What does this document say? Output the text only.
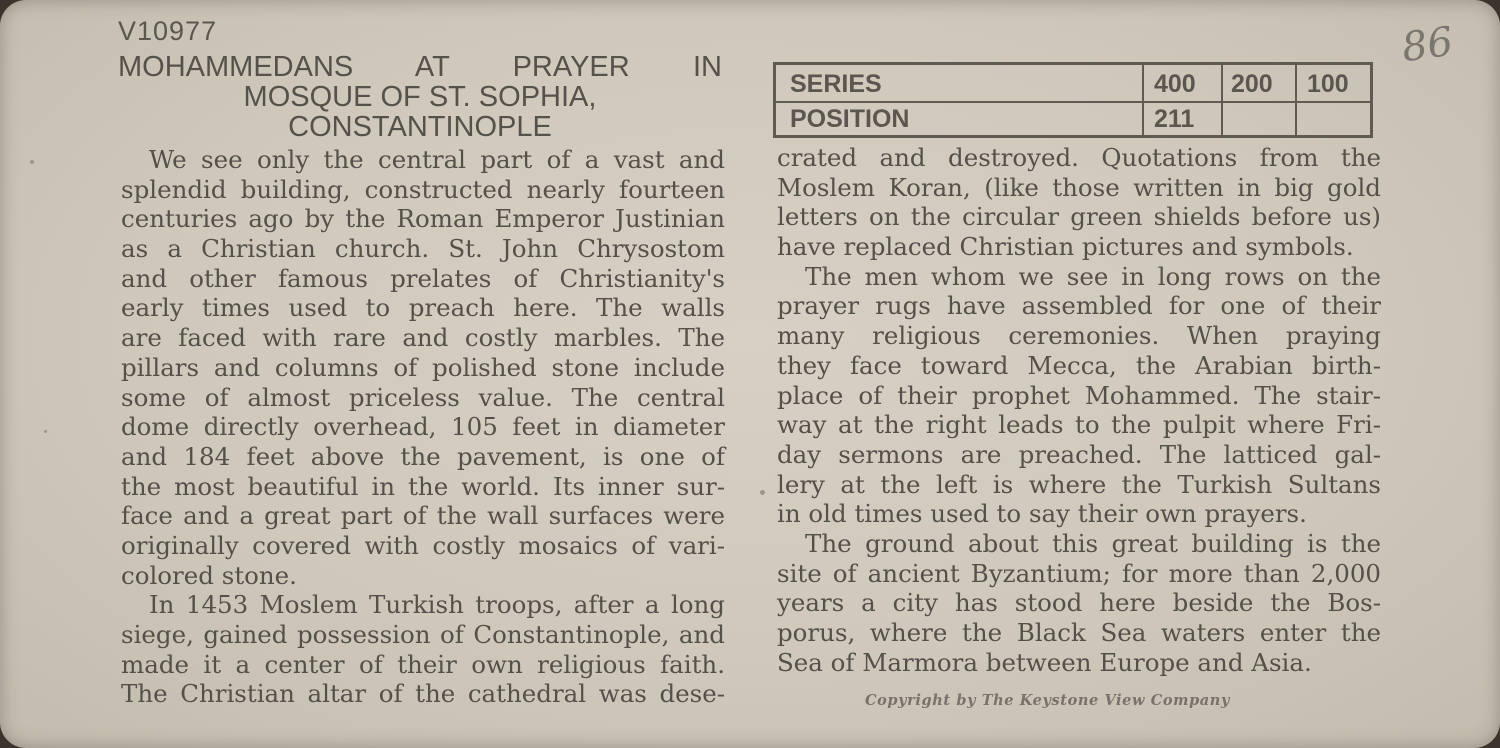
V10977
MOHAMMEDANS AT PRAYER IN
MOSQUE OF ST. SOPHIA,
CONSTANTINOPLE
86
SERIES
POSITION
400	200	100
211
We see only the central part of a vast and
splendid building, constructed nearly fourteen
centuries ago by the Roman Emperor Justinian
as a Christian church. St. John Chrysostom
and other famous prelates of Christianity's
early times used to preach here. The walls
are faced with rare and costly marbles. The
pillars and columns of polished stone include
some of almost priceless value. The central
dome directly overhead, 105 feet in diameter
and 184 feet above the pavement, is one of
the most beautiful in the world. Its inner sur-
face and a great part of the wall surfaces were
originally covered with costly mosaics of vari-
colored stone.
In 1453 Moslem Turkish troops, after a long
siege, gained possession of Constantinople, and
made it a center of their own religious faith.
The Christian altar of the cathedral was dese-
crated and destroyed. Quotations from the
Moslem Koran, (like those written in big gold
letters on the circular green shields before us)
have replaced Christian pictures and symbols.
The men whom we see in long rows on the
prayer rugs have assembled for one of their
many religious ceremonies. When praying
they face toward Mecca, the Arabian birth-
place of their prophet Mohammed. The stair-
way at the right leads to the pulpit where Fri-
day sermons are preached. The latticed gal-
lery at the left is where the Turkish Sultans
in old times used to say their own prayers.
The ground about this great building is the
site of ancient Byzantium; for more than 2,000
years a city has stood here beside the Bos-
porus, where the Black Sea waters enter the
Sea of Marmora between Europe and Asia.
Copyright by The Keystone View Company
